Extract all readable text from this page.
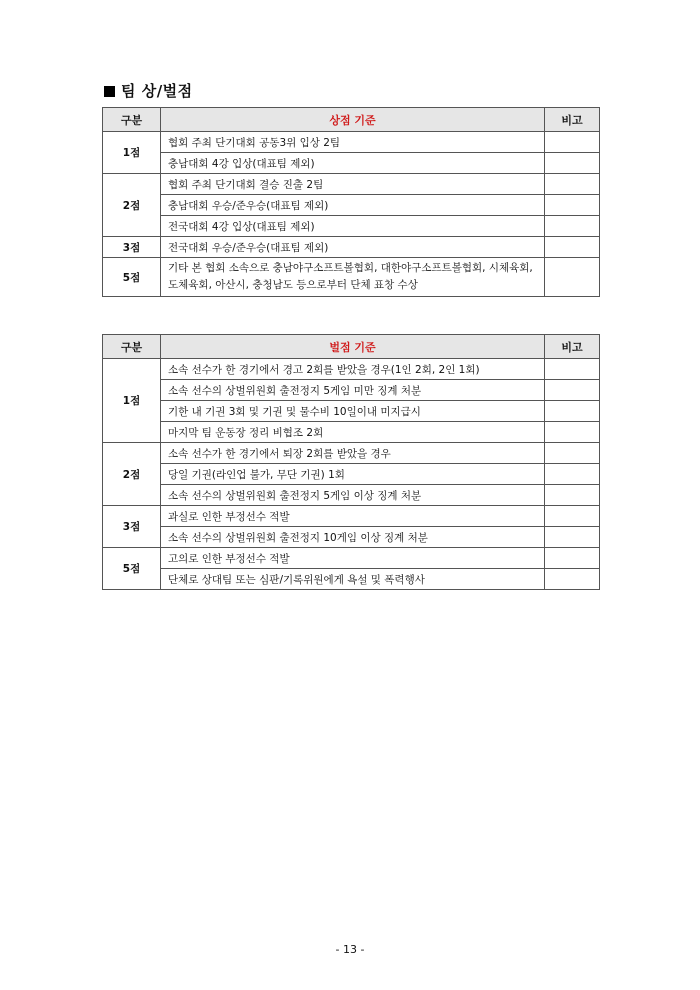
팀 상/벌점
구분	상점 기준	비고
1점	협회 주최 단기대회 공동3위 입상 2팀	
	충남대회 4강 입상(대표팀 제외)	
2점	협회 주최 단기대회 결승 진출 2팀	
	충남대회 우승/준우승(대표팀 제외)	
	전국대회 4강 입상(대표팀 제외)	
3점	전국대회 우승/준우승(대표팀 제외)	
5점	기타 본 협회 소속으로 충남야구소프트볼협회, 대한야구소프트볼협회, 시체육회, 도체육회, 아산시, 충청남도 등으로부터 단체 표창 수상	
구분	벌점 기준	비고
1점	소속 선수가 한 경기에서 경고 2회를 받았을 경우(1인 2회, 2인 1회)	
	소속 선수의 상벌위원회 출전정지 5게임 미만 징계 처분	
	기한 내 기권 3회 및 기권 및 물수비 10일이내 미지급시	
	마지막 팀 운동장 정리 비협조 2회	
2점	소속 선수가 한 경기에서 퇴장 2회를 받았을 경우	
	당일 기권(라인업 불가, 무단 기권) 1회	
	소속 선수의 상벌위원회 출전정지 5게임 이상 징계 처분	
3점	과실로 인한 부정선수 적발	
	소속 선수의 상벌위원회 출전정지 10게임 이상 징계 처분	
5점	고의로 인한 부정선수 적발	
	단체로 상대팀 또는 심판/기록위원에게 욕설 및 폭력행사	
- 13 -
